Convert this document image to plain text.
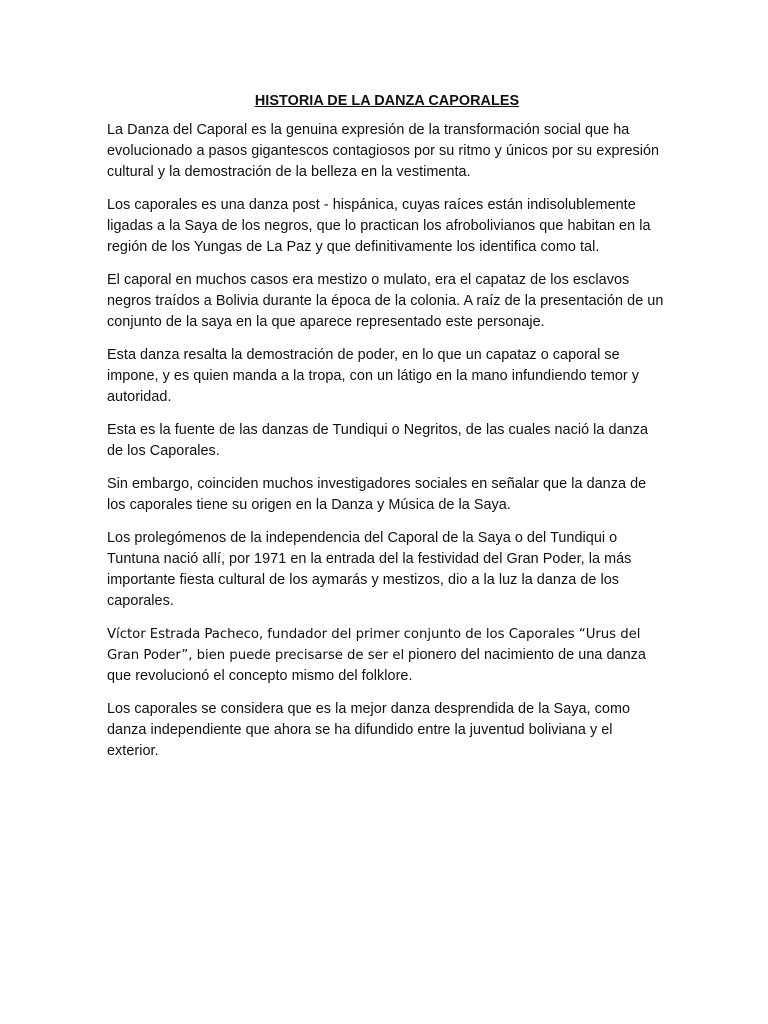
HISTORIA DE LA DANZA CAPORALES

La Danza del Caporal es la genuina expresión de la transformación social que ha evolucionado a pasos gigantescos contagiosos por su ritmo y únicos por su expresión cultural y la demostración de la belleza en la vestimenta.

Los caporales es una danza post - hispánica, cuyas raíces están indisolublemente ligadas a la Saya de los negros, que lo practican los afrobolivianos que habitan en la región de los Yungas de La Paz y que definitivamente los identifica como tal.

El caporal en muchos casos era mestizo o mulato, era el capataz de los esclavos negros traídos a Bolivia durante la época de la colonia. A raíz de la presentación de un conjunto de la saya en la que aparece representado este personaje.

Esta danza resalta la demostración de poder, en lo que un capataz o caporal se impone, y es quien manda a la tropa, con un látigo en la mano infundiendo temor y autoridad.

Esta es la fuente de las danzas de Tundiqui o Negritos, de las cuales nació la danza de los Caporales.

Sin embargo, coinciden muchos investigadores sociales en señalar que la danza de los caporales tiene su origen en la Danza y Música de la Saya.

Los prolegómenos de la independencia del Caporal de la Saya o del Tundiqui o Tuntuna nació allí, por 1971 en la entrada del la festividad del Gran Poder, la más importante fiesta cultural de los aymarás y mestizos, dio a la luz la danza de los caporales.

Víctor Estrada Pacheco, fundador del primer conjunto de los Caporales “Urus del Gran Poder”, bien puede precisarse de ser el pionero del nacimiento de una danza que revolucionó el concepto mismo del folklore.

Los caporales se considera que es la mejor danza desprendida de la Saya, como danza independiente que ahora se ha difundido entre la juventud boliviana y el exterior.
